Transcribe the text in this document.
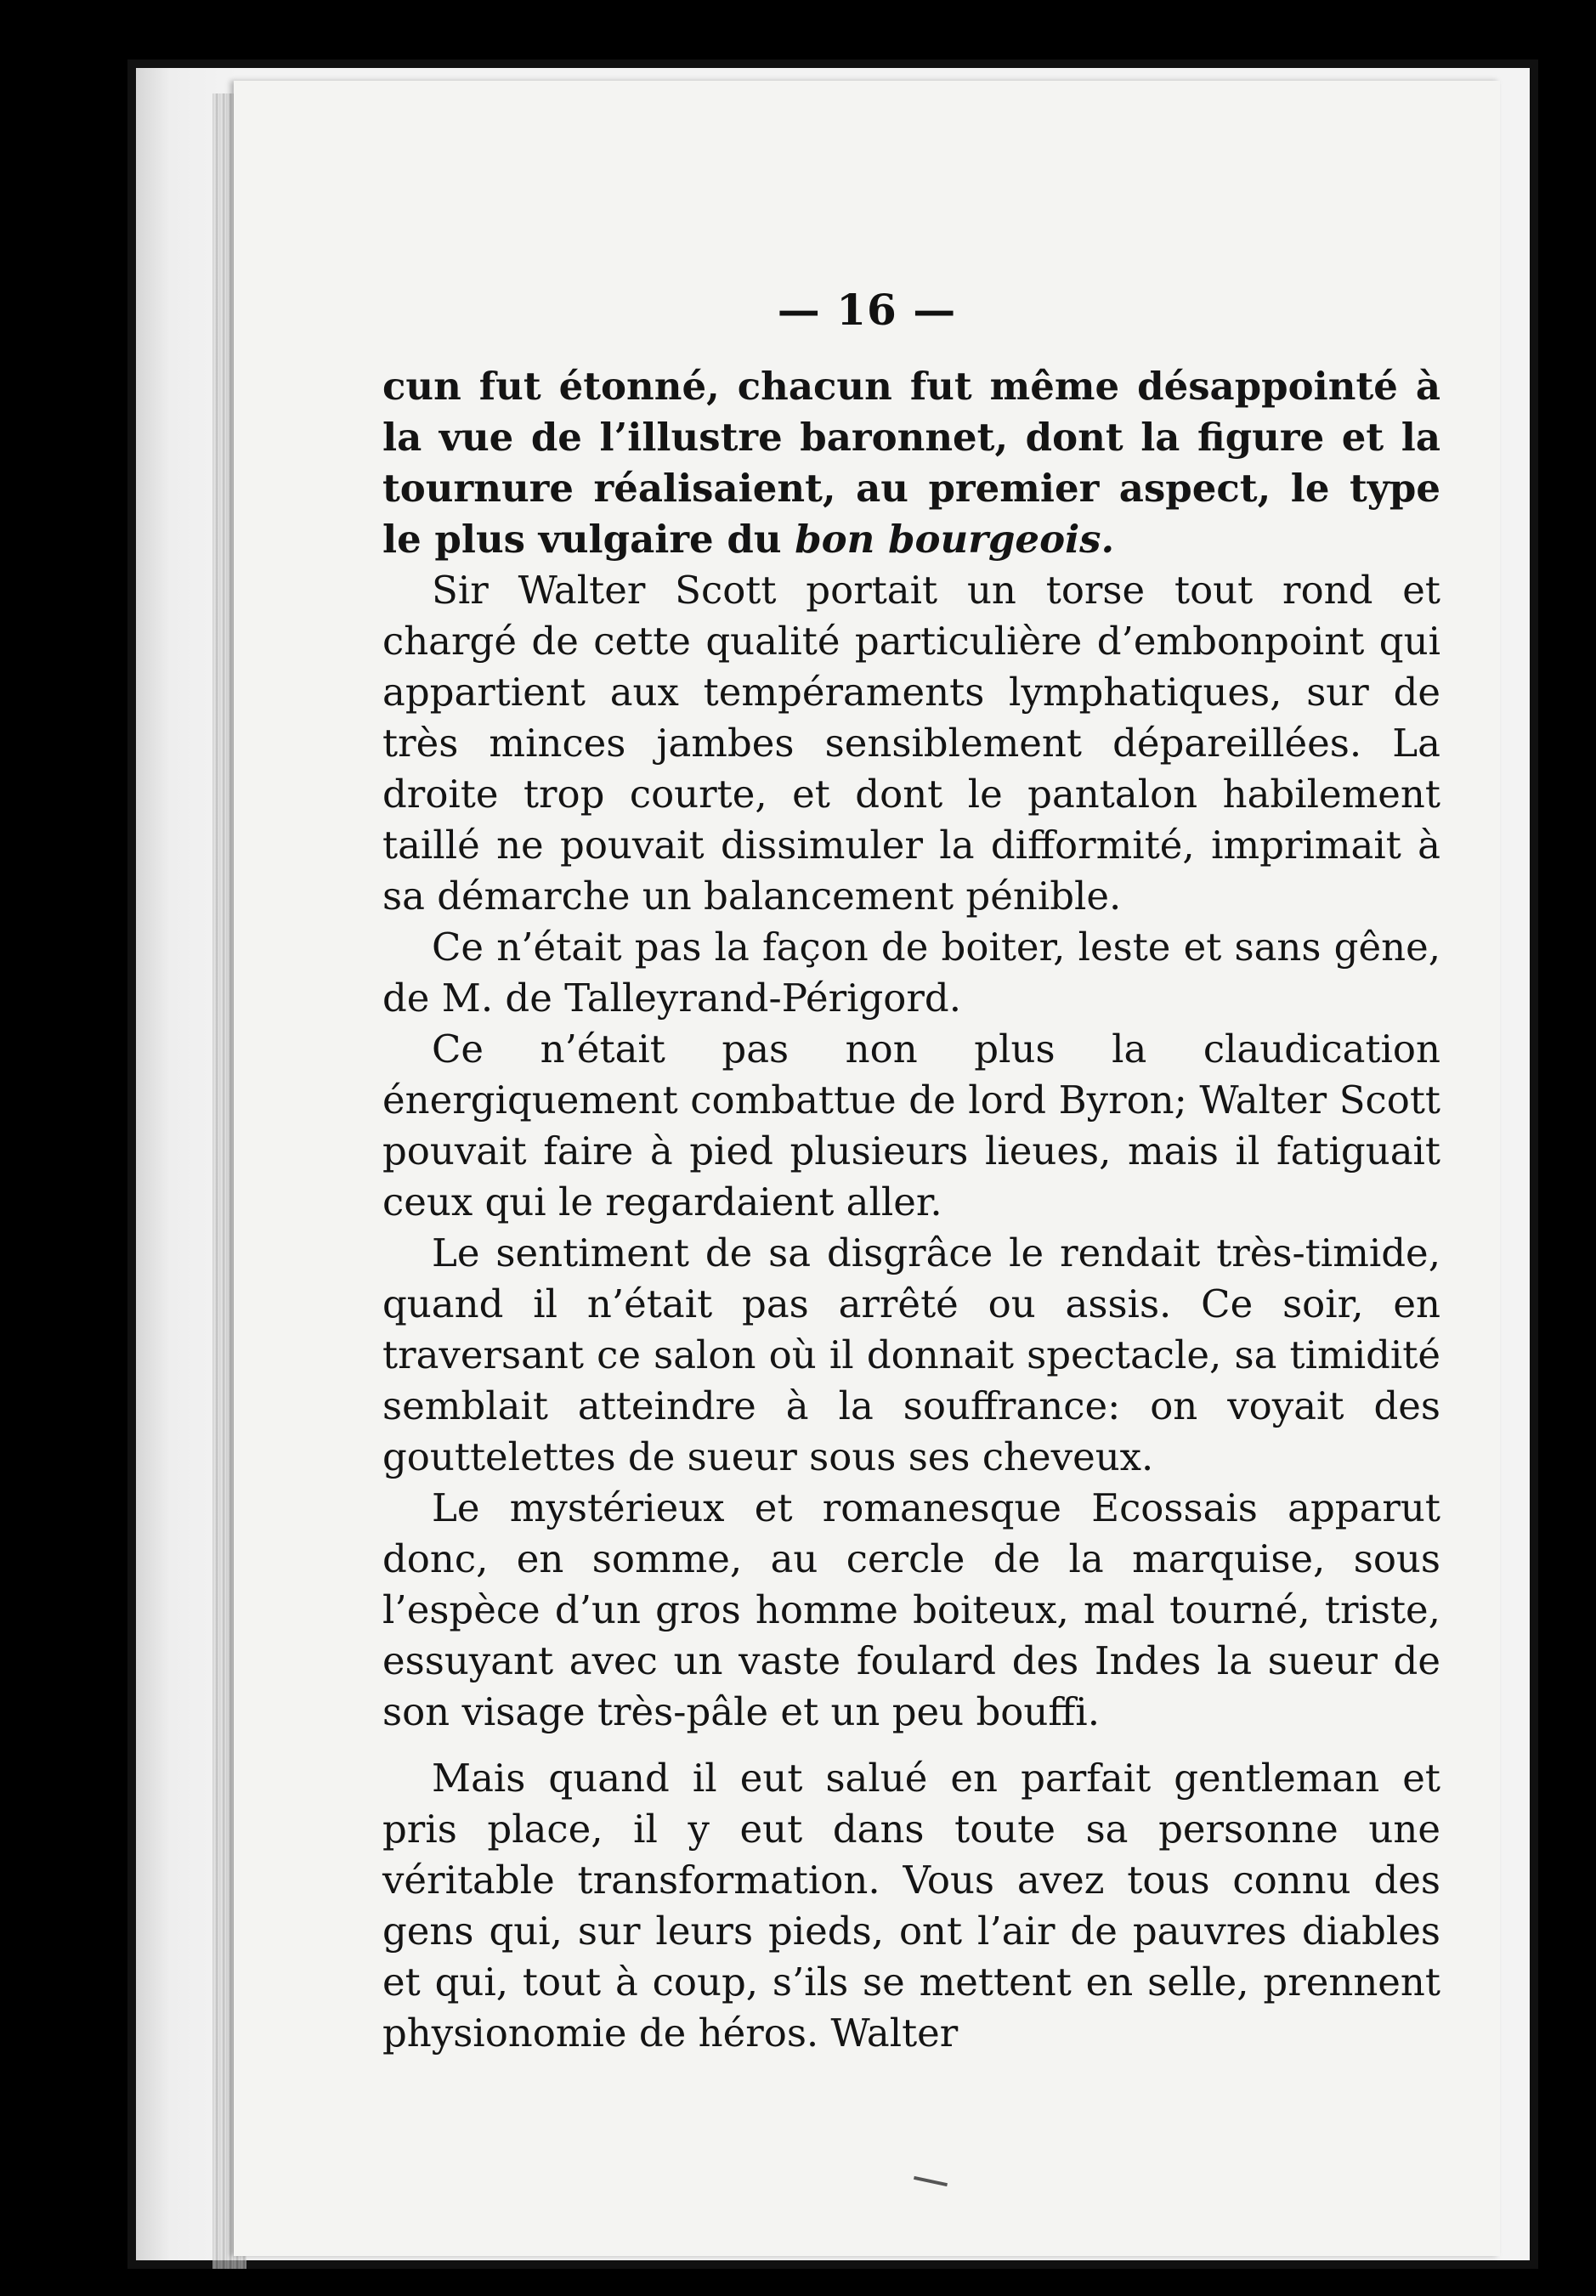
— 16 —

cun fut étonné, chacun fut même désappointé à la vue de l’illustre baronnet, dont la figure et la tournure réalisaient, au premier aspect, le type le plus vulgaire du bon bourgeois.

Sir Walter Scott portait un torse tout rond et chargé de cette qualité particulière d’embonpoint qui appartient aux tempéraments lymphatiques, sur de très minces jambes sensiblement dépareillées. La droite trop courte, et dont le pantalon habilement taillé ne pouvait dissimuler la difformité, imprimait à sa démarche un balancement pénible.

Ce n’était pas la façon de boiter, leste et sans gêne, de M. de Talleyrand-Périgord.

Ce n’était pas non plus la claudication énergiquement combattue de lord Byron; Walter Scott pouvait faire à pied plusieurs lieues, mais il fatiguait ceux qui le regardaient aller.

Le sentiment de sa disgrâce le rendait très-timide, quand il n’était pas arrêté ou assis. Ce soir, en traversant ce salon où il donnait spectacle, sa timidité semblait atteindre à la souffrance: on voyait des gouttelettes de sueur sous ses cheveux.

Le mystérieux et romanesque Ecossais apparut donc, en somme, au cercle de la marquise, sous l’espèce d’un gros homme boiteux, mal tourné, triste, essuyant avec un vaste foulard des Indes la sueur de son visage très-pâle et un peu bouffi.

Mais quand il eut salué en parfait gentleman et pris place, il y eut dans toute sa personne une véritable transformation. Vous avez tous connu des gens qui, sur leurs pieds, ont l’air de pauvres diables et qui, tout à coup, s’ils se mettent en selle, prennent physionomie de héros. Walter
